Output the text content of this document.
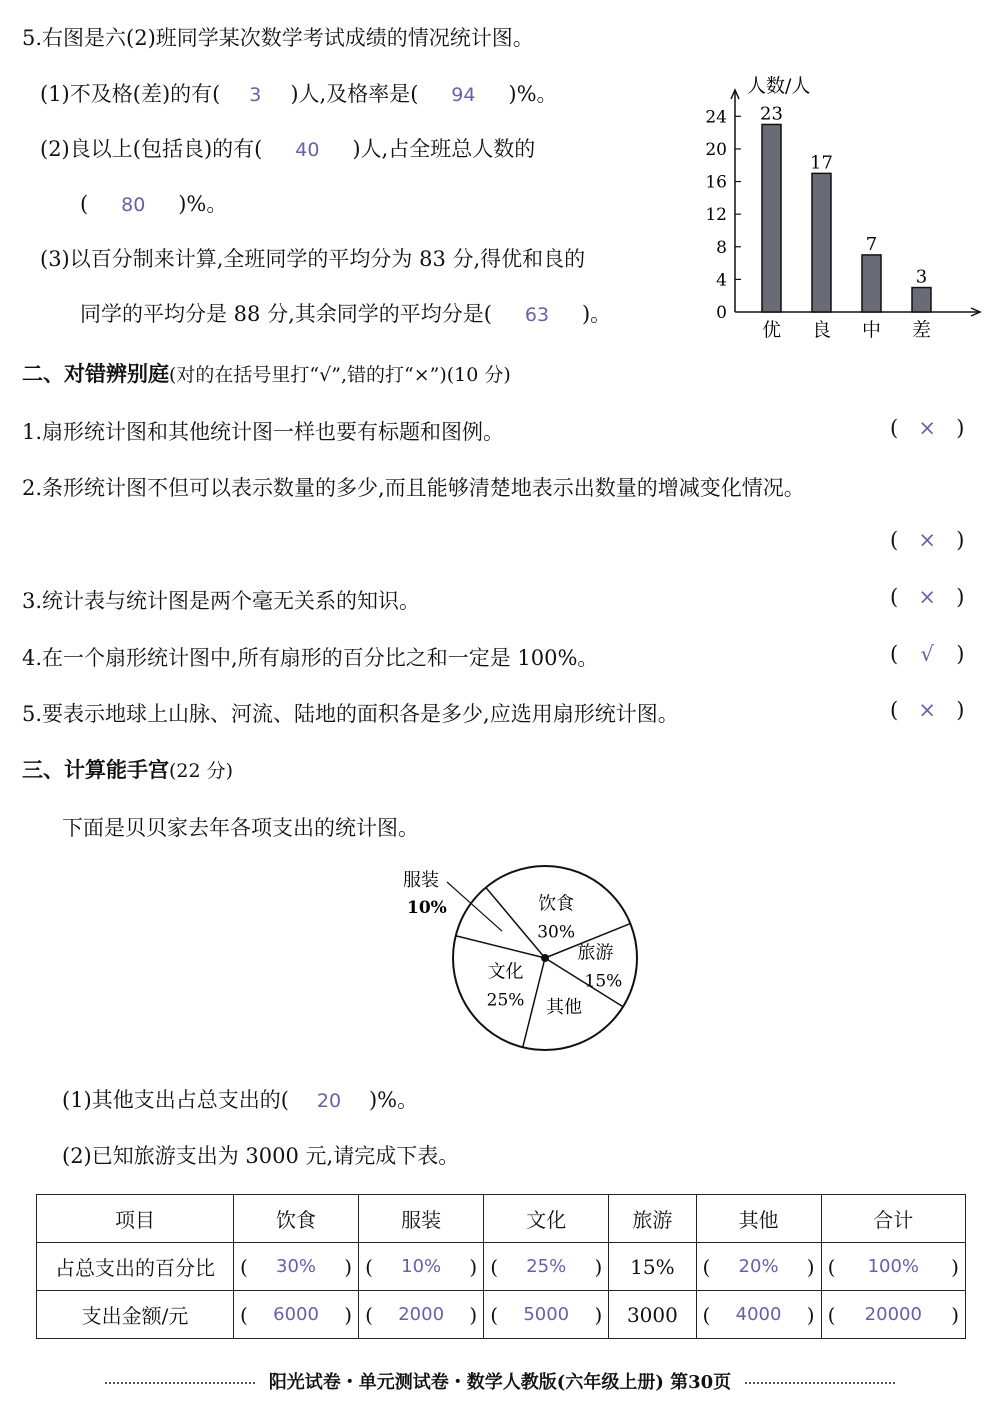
5.右图是六(2)班同学某次数学考试成绩的情况统计图。
(1)不及格(差)的有( 3 )人,及格率是( 94 )%。
(2)良以上(包括良)的有( 40 )人,占全班总人数的
( 80 )%。
(3)以百分制来计算,全班同学的平均分为 83 分,得优和良的
同学的平均分是 88 分,其余同学的平均分是( 63 )。
人数/人
0
4
8
12
16
20
24 23
优
17
良
7
中
3
差
二、对错辨别庭(对的在括号里打“√”,错的打“×”)(10 分)
1.扇形统计图和其他统计图一样也要有标题和图例。	( × )
2.条形统计图不但可以表示数量的多少,而且能够清楚地表示出数量的增减变化情况。
( × )
3.统计表与统计图是两个毫无关系的知识。	( × )
4.在一个扇形统计图中,所有扇形的百分比之和一定是 100%。	( √ )
5.要表示地球上山脉、河流、陆地的面积各是多少,应选用扇形统计图。	( × )
三、计算能手宫(22 分)
下面是贝贝家去年各项支出的统计图。
饮食
30%
旅游
15%
其他
文化
25%
服装
10%
(1)其他支出占总支出的( 20 )%。
(2)已知旅游支出为 3000 元,请完成下表。
项目	饮食	服装	文化	旅游	其他	合计
占总支出的百分比	( 30% )	( 10% )	( 25% )	15%	( 20% )	( 100% )

支出金额/元	( 6000 )	( 2000 )	( 5000 )	3000	( 4000 )	( 20000 )
阳光试卷・单元测试卷・数学人教版(六年级上册) 第30页
